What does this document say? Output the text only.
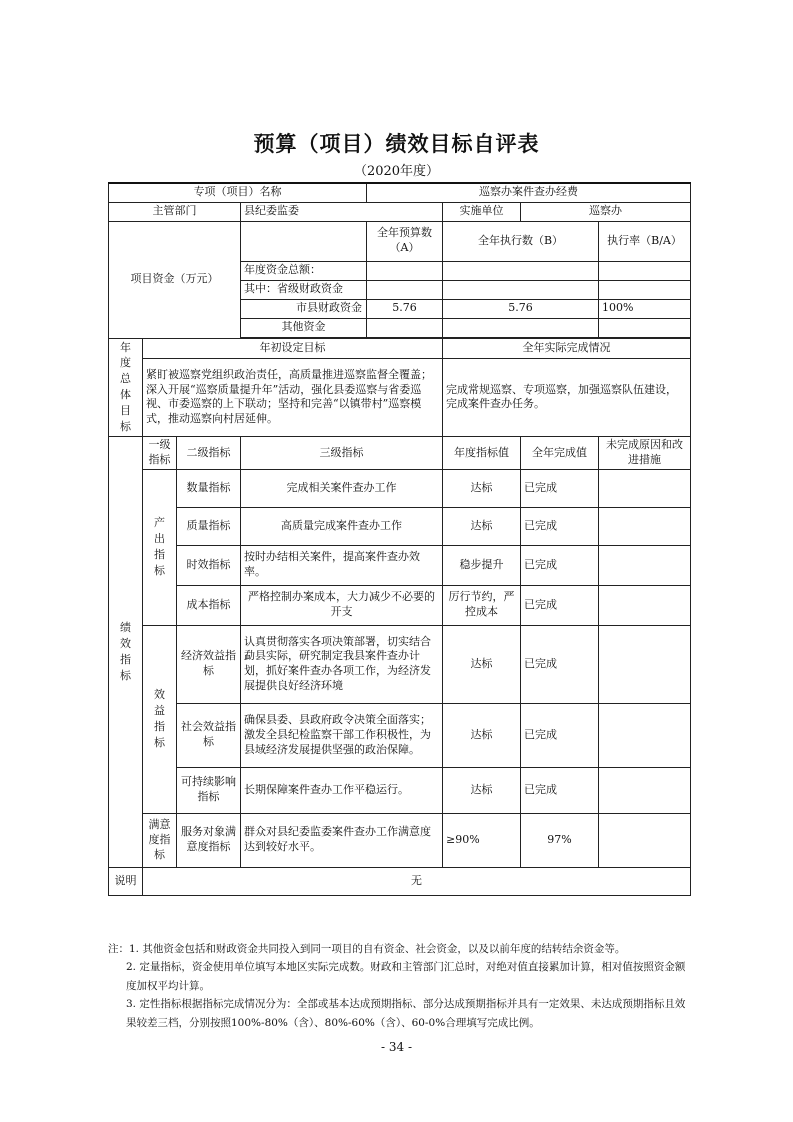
预算（项目）绩效目标自评表
（2020年度）
专项（项目）名称				巡察办案件查办经费			
主管部门			县纪委监委		实施单位	巡察办	
项目资金（万元）				全年预算数（A）	全年执行数（B）		执行率（B/A）
			年度资金总额：				
			其中：省级财政资金				
			市县财政资金	5.76	5.76		100%
			其他资金				

年度总体目标	年初设定目标				全年实际完成情况		
	紧盯被巡察党组织政治责任，高质量推进巡察监督全覆盖；深入开展“巡察质量提升年”活动，强化县委巡察与省委巡视、市委巡察的上下联动；坚持和完善“以镇带村”巡察模式，推动巡察向村居延伸。				完成常规巡察、专项巡察，加强巡察队伍建设，完成案件查办任务。		
绩效指标	一级指标	二级指标	三级指标		年度指标值	全年完成值	未完成原因和改进措施
	产出指标	数量指标	完成相关案件查办工作		达标	已完成	
		质量指标	高质量完成案件查办工作		达标	已完成	
		时效指标	按时办结相关案件，提高案件查办效率。		稳步提升	已完成	
		成本指标	严格控制办案成本，大力减少不必要的开支		厉行节约，严控成本	已完成	
	效益指标	经济效益指标	认真贯彻落实各项决策部署，切实结合勐县实际，研究制定我县案件查办计划，抓好案件查办各项工作，为经济发展提供良好经济环境		达标	已完成	
		社会效益指标	确保县委、县政府政令决策全面落实；激发全县纪检监察干部工作积极性，为县域经济发展提供坚强的政治保障。		达标	已完成	
		可持续影响指标	长期保障案件查办工作平稳运行。		达标	已完成	
	满意度指标	服务对象满意度指标	群众对县纪委监委案件查办工作满意度达到较好水平。		≥90%	97%	
说明	无						

注：1. 其他资金包括和财政资金共同投入到同一项目的自有资金、社会资金，以及以前年度的结转结余资金等。

2. 定量指标，资金使用单位填写本地区实际完成数。财政和主管部门汇总时，对绝对值直接累加计算，相对值按照资金额度加权平均计算。

3. 定性指标根据指标完成情况分为：全部或基本达成预期指标、部分达成预期指标并具有一定效果、未达成预期指标且效果较差三档，分别按照100%-80%（含）、80%-60%（含）、60-0%合理填写完成比例。

- 34 -
